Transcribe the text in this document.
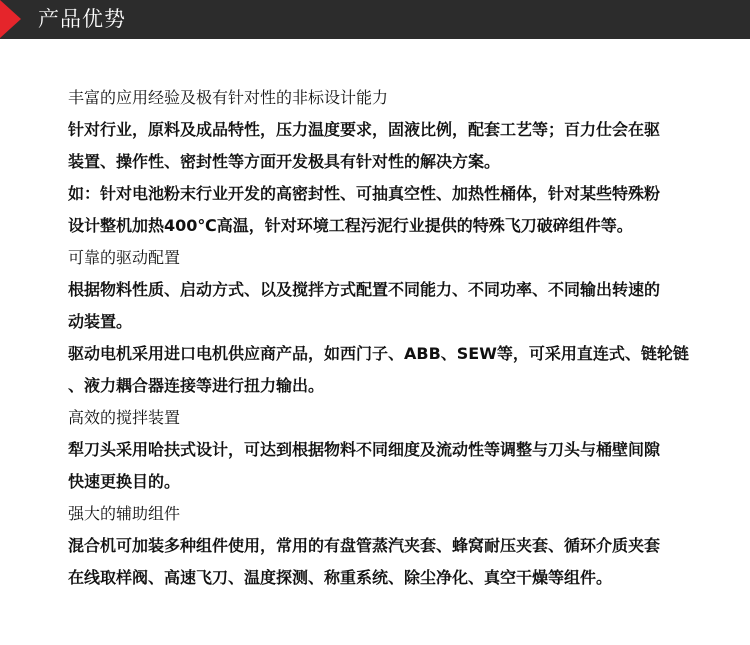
产品优势
丰富的应用经验及极有针对性的非标设计能力
针对行业，原料及成品特性，压力温度要求，固液比例，配套工艺等；百力仕会在驱
装置、操作性、密封性等方面开发极具有针对性的解决方案。
如：针对电池粉末行业开发的高密封性、可抽真空性、加热性桶体，针对某些特殊粉
设计整机加热400℃高温，针对环境工程污泥行业提供的特殊飞刀破碎组件等。
可靠的驱动配置
根据物料性质、启动方式、以及搅拌方式配置不同能力、不同功率、不同输出转速的
动装置。
驱动电机采用进口电机供应商产品，如西门子、ABB、SEW等，可采用直连式、链轮链
、液力耦合器连接等进行扭力输出。
高效的搅拌装置
犁刀头采用哈扶式设计，可达到根据物料不同细度及流动性等调整与刀头与桶壁间隙
快速更换目的。
强大的辅助组件
混合机可加装多种组件使用，常用的有盘管蒸汽夹套、蜂窝耐压夹套、循环介质夹套
在线取样阀、高速飞刀、温度探测、称重系统、除尘净化、真空干燥等组件。
